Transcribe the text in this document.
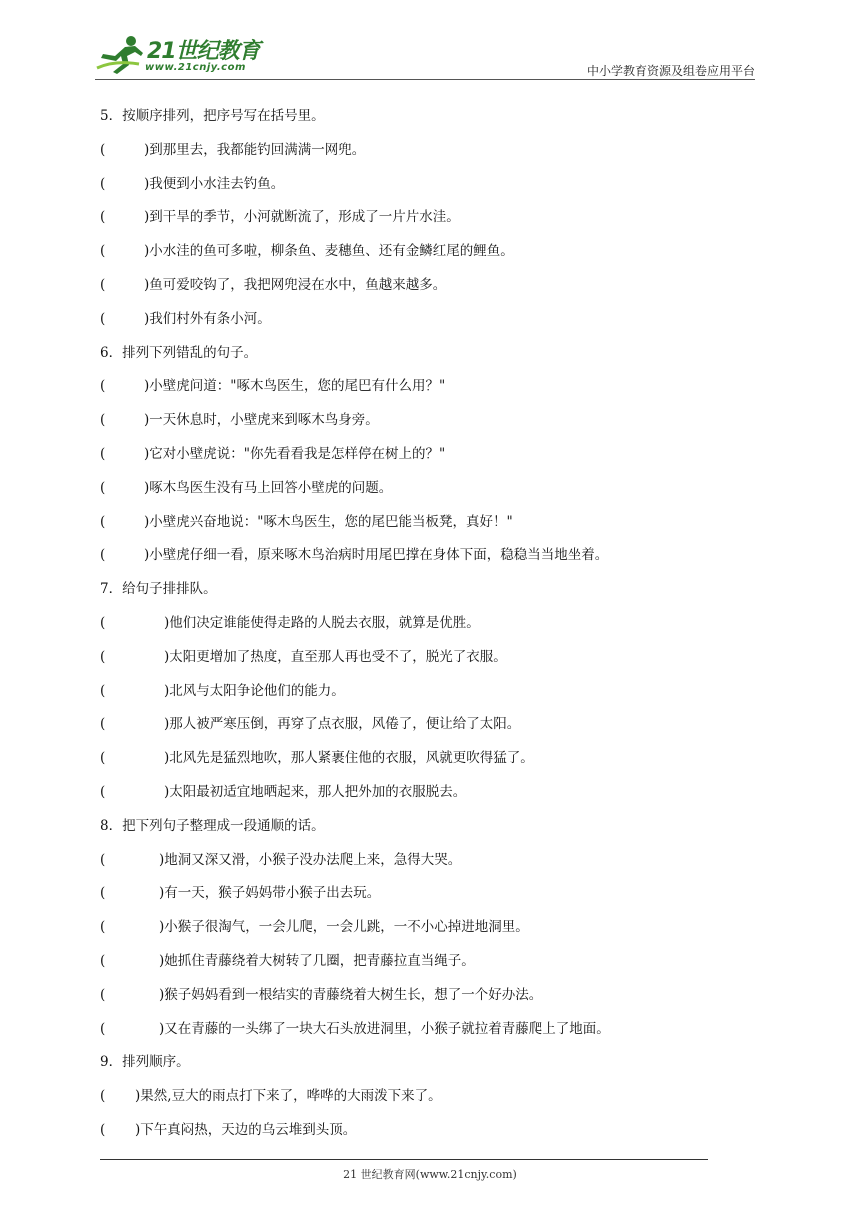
21世纪教育
www.21cnjy.com	中小学教育资源及组卷应用平台
5．按顺序排列，把序号写在括号里。
(	)到那里去，我都能钓回满满一网兜。
(	)我便到小水洼去钓鱼。
(	)到干旱的季节，小河就断流了，形成了一片片水洼。
(	)小水洼的鱼可多啦，柳条鱼、麦穗鱼、还有金鳞红尾的鲤鱼。
(	)鱼可爱咬钩了，我把网兜浸在水中，鱼越来越多。
(	)我们村外有条小河。
6．排列下列错乱的句子。
(	)小壁虎问道："啄木鸟医生，您的尾巴有什么用？"
(	)一天休息时，小壁虎来到啄木鸟身旁。
(	)它对小壁虎说："你先看看我是怎样停在树上的？"
(	)啄木鸟医生没有马上回答小壁虎的问题。
(	)小壁虎兴奋地说："啄木鸟医生，您的尾巴能当板凳，真好！"
(	)小壁虎仔细一看，原来啄木鸟治病时用尾巴撑在身体下面，稳稳当当地坐着。
7．给句子排排队。
(	)他们决定谁能使得走路的人脱去衣服，就算是优胜。
(	)太阳更增加了热度，直至那人再也受不了，脱光了衣服。
(	)北风与太阳争论他们的能力。
(	)那人被严寒压倒，再穿了点衣服，风倦了，便让给了太阳。
(	)北风先是猛烈地吹，那人紧裹住他的衣服，风就更吹得猛了。
(	)太阳最初适宜地晒起来，那人把外加的衣服脱去。
8．把下列句子整理成一段通顺的话。
(	)地洞又深又滑，小猴子没办法爬上来，急得大哭。
(	)有一天，猴子妈妈带小猴子出去玩。
(	)小猴子很淘气，一会儿爬，一会儿跳，一不小心掉进地洞里。
(	)她抓住青藤绕着大树转了几圈，把青藤拉直当绳子。
(	)猴子妈妈看到一根结实的青藤绕着大树生长，想了一个好办法。
(	)又在青藤的一头绑了一块大石头放进洞里，小猴子就拉着青藤爬上了地面。
9．排列顺序。
( )果然,豆大的雨点打下来了，哗哗的大雨泼下来了。
( )下午真闷热，天边的乌云堆到头顶。
21 世纪教育网(www.21cnjy.com)
